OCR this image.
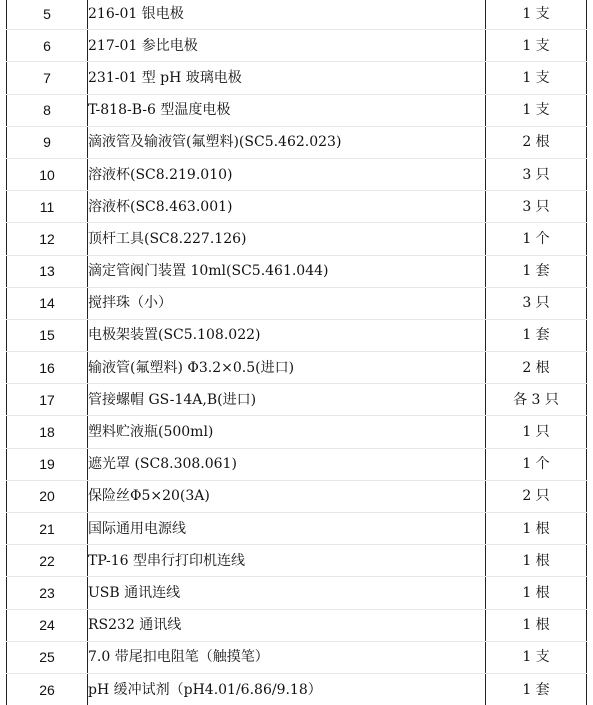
5	216-01 银电极	1 支
6	217-01 参比电极	1 支
7	231-01 型 pH 玻璃电极	1 支
8	T-818-B-6 型温度电极	1 支
9	滴液管及输液管(氟塑料)(SC5.462.023)	2 根
10	溶液杯(SC8.219.010)	3 只
11	溶液杯(SC8.463.001)	3 只
12	顶杆工具(SC8.227.126)	1 个
13	滴定管阀门装置 10ml(SC5.461.044)	1 套
14	搅拌珠（小）	3 只
15	电极架装置(SC5.108.022)	1 套
16	输液管(氟塑料) Φ3.2×0.5(进口)	2 根
17	管接螺帽 GS-14A,B(进口)	各 3 只
18	塑料贮液瓶(500ml)	1 只
19	遮光罩 (SC8.308.061)	1 个
20	保险丝Φ5×20(3A)	2 只
21	国际通用电源线	1 根
22	TP-16 型串行打印机连线	1 根
23	USB 通讯连线	1 根
24	RS232 通讯线	1 根
25	7.0 带尾扣电阻笔（触摸笔）	1 支
26	pH 缓冲试剂（pH4.01/6.86/9.18）	1 套
